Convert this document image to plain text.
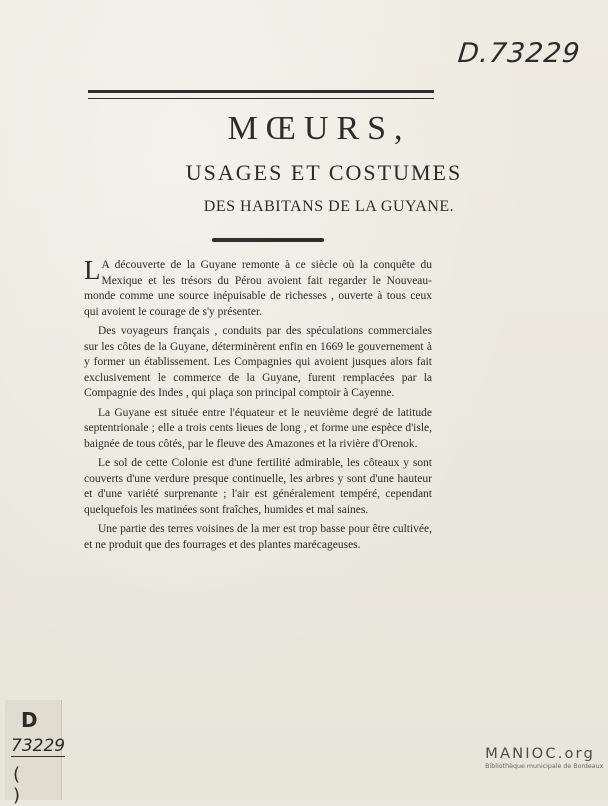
D.73229
MŒURS,
USAGES ET COSTUMES
DES HABITANS DE LA GUYANE.

L A découverte de la Guyane remonte à ce siècle où la conquête du Mexique et les trésors du Pérou avoient fait regarder le Nouveau-monde comme une source inépuisable de richesses , ouverte à tous ceux qui avoient le courage de s'y présenter.

Des voyageurs français , conduits par des spéculations commerciales sur les côtes de la Guyane, déterminèrent enfin en 1669 le gouvernement à y former un établissement. Les Compagnies qui avoient jusques alors fait exclusivement le commerce de la Guyane, furent remplacées par la Compagnie des Indes , qui plaça son principal comptoir à Cayenne.

La Guyane est située entre l'équateur et le neuvième degré de latitude septentrionale ; elle a trois cents lieues de long , et forme une espèce d'isle, baignée de tous côtés, par le fleuve des Amazones et la rivière d'Orenok.

Le sol de cette Colonie est d'une fertilité admirable, les côteaux y sont couverts d'une verdure presque continuelle, les arbres y sont d'une hauteur et d'une variété surprenante ; l'air est généralement tempéré, cependant quelquefois les matinées sont fraîches, humides et mal saines.

Une partie des terres voisines de la mer est trop basse pour être cultivée, et ne produit que des fourrages et des plantes marécageuses.

D
73229
( )
MANIOC.org
Bibliothèque municipale de Bordeaux
